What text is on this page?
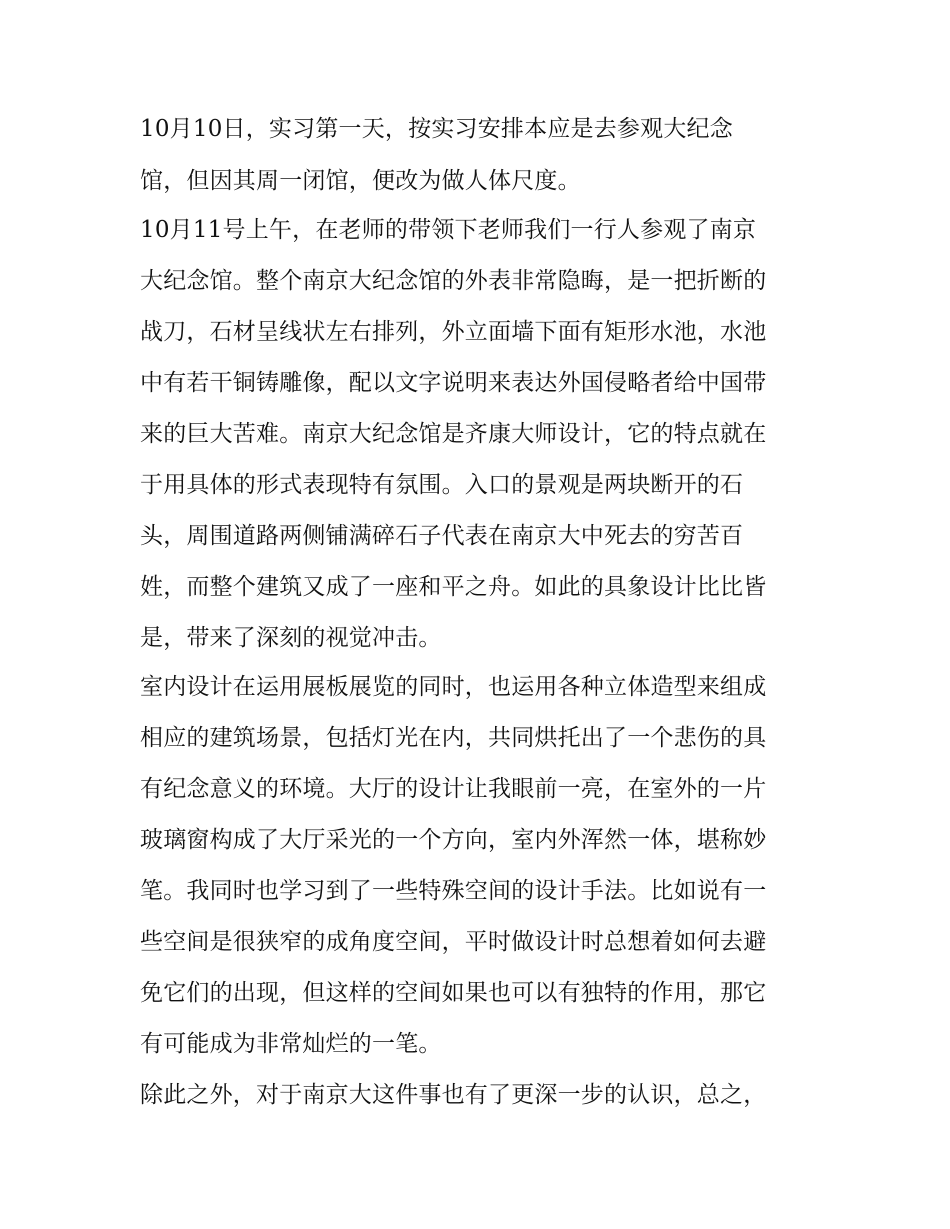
10月10日，实习第一天，按实习安排本应是去参观大纪念
馆，但因其周一闭馆，便改为做人体尺度。
10月11号上午，在老师的带领下老师我们一行人参观了南京
大纪念馆。整个南京大纪念馆的外表非常隐晦，是一把折断的
战刀，石材呈线状左右排列，外立面墙下面有矩形水池，水池
中有若干铜铸雕像，配以文字说明来表达外国侵略者给中国带
来的巨大苦难。南京大纪念馆是齐康大师设计，它的特点就在
于用具体的形式表现特有氛围。入口的景观是两块断开的石
头，周围道路两侧铺满碎石子代表在南京大中死去的穷苦百
姓，而整个建筑又成了一座和平之舟。如此的具象设计比比皆
是，带来了深刻的视觉冲击。
室内设计在运用展板展览的同时，也运用各种立体造型来组成
相应的建筑场景，包括灯光在内，共同烘托出了一个悲伤的具
有纪念意义的环境。大厅的设计让我眼前一亮，在室外的一片
玻璃窗构成了大厅采光的一个方向，室内外浑然一体，堪称妙
笔。我同时也学习到了一些特殊空间的设计手法。比如说有一
些空间是很狭窄的成角度空间，平时做设计时总想着如何去避
免它们的出现，但这样的空间如果也可以有独特的作用，那它
有可能成为非常灿烂的一笔。
除此之外，对于南京大这件事也有了更深一步的认识，总之，
